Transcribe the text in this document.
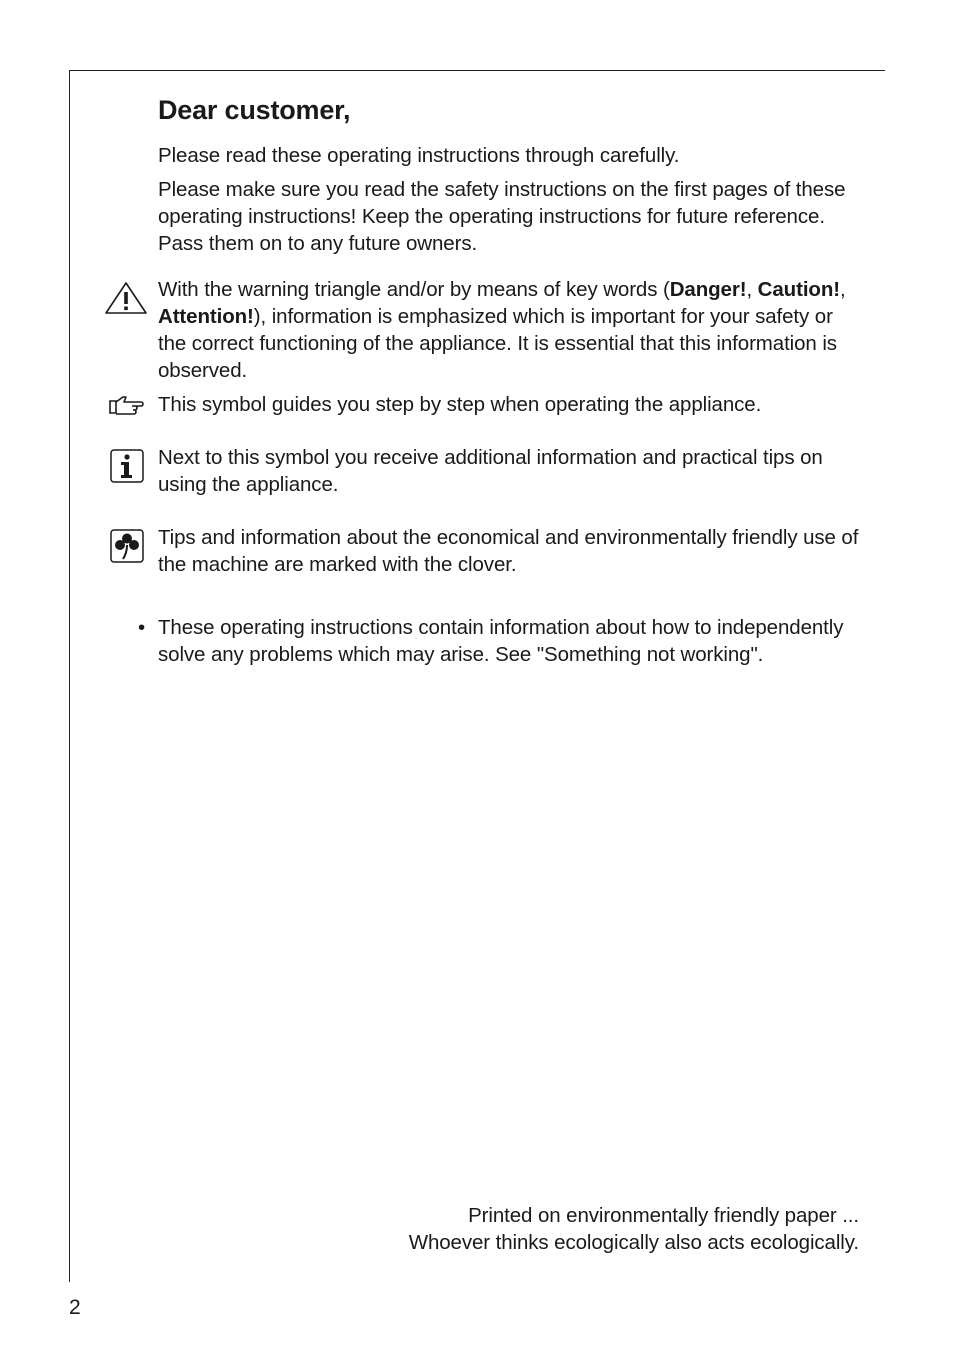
Dear customer,

Please read these operating instructions through carefully.

Please make sure you read the safety instructions on the first pages of these operating instructions! Keep the operating instructions for future reference. Pass them on to any future owners.

With the warning triangle and/or by means of key words (Danger!, Caution!, Attention!), information is emphasized which is important for your safety or the correct functioning of the appliance. It is essential that this information is observed.

This symbol guides you step by step when operating the appliance.

Next to this symbol you receive additional information and practical tips on using the appliance.

Tips and information about the economical and environmentally friendly use of the machine are marked with the clover.

• These operating instructions contain information about how to independently solve any problems which may arise. See "Something not working".

Printed on environmentally friendly paper ...

Whoever thinks ecologically also acts ecologically.

2
